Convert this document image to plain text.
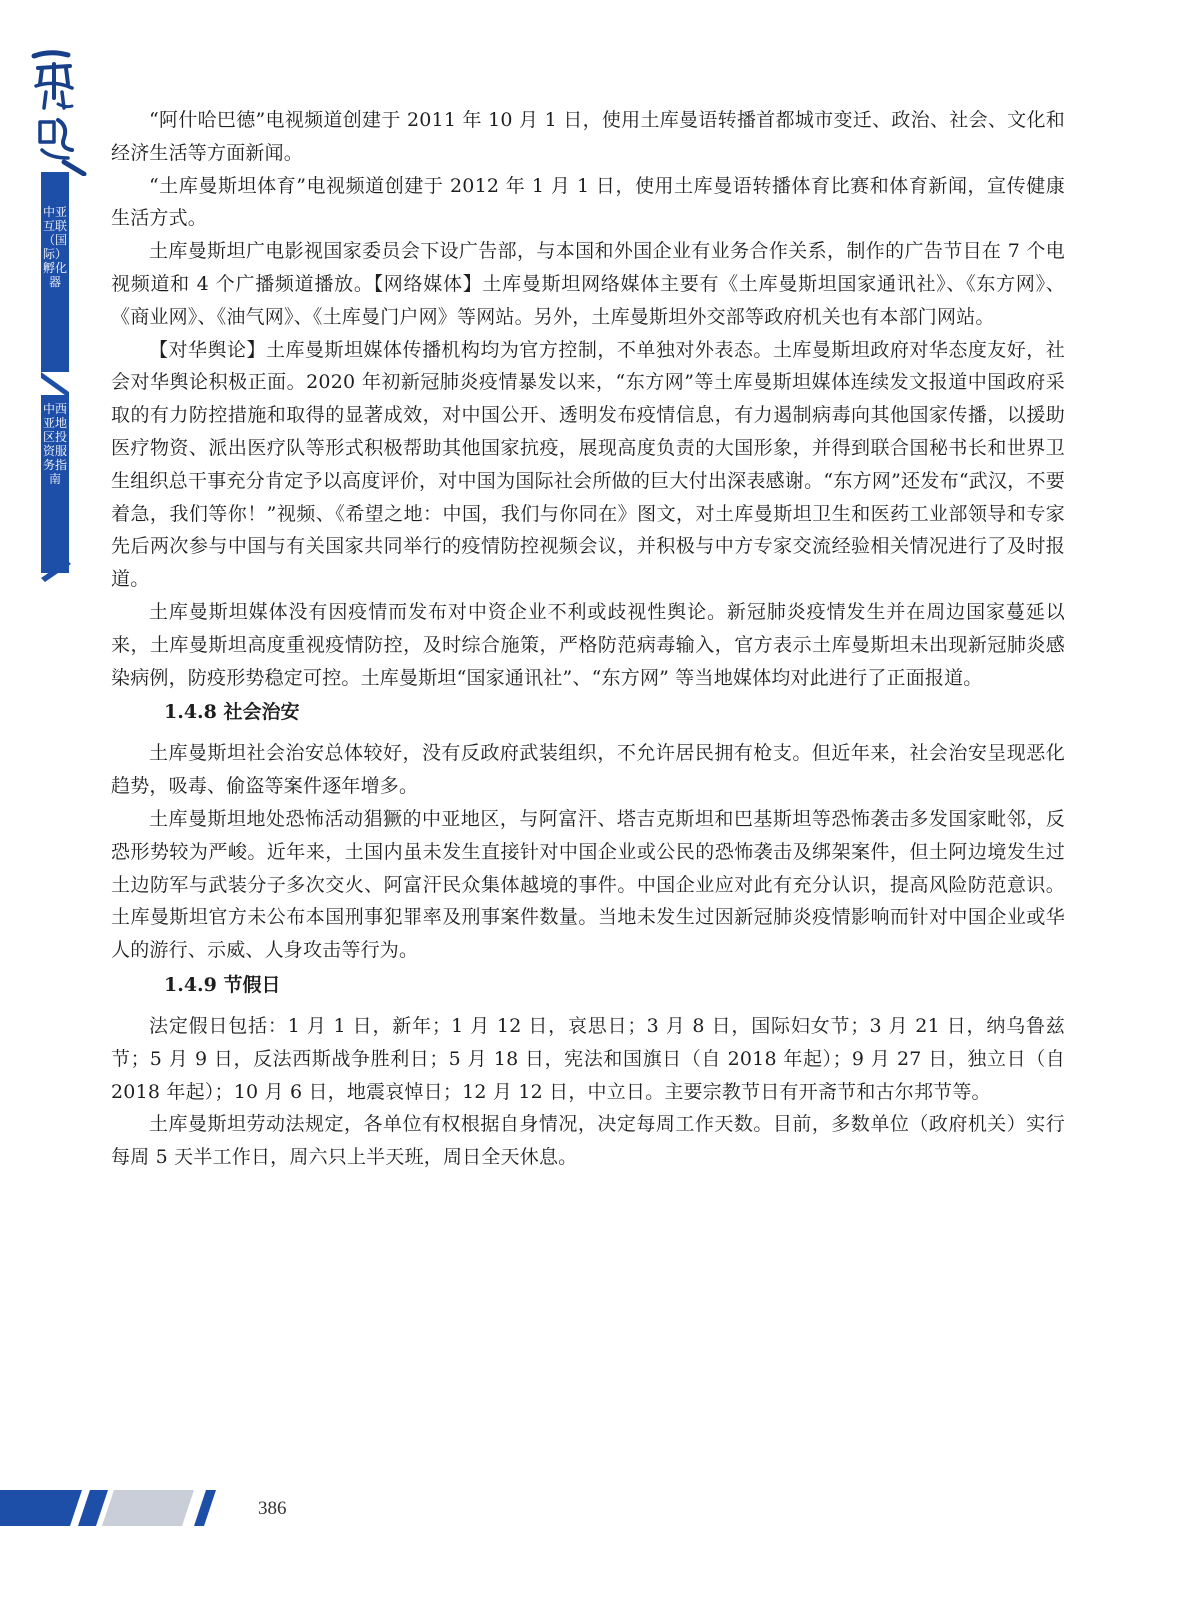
中亚互联（国际）孵化器
中西亚地区投资服务指南

“阿什哈巴德”电视频道创建于 2011 年 10 月 1 日，使用土库曼语转播首都城市变迁、政治、社会、文化和经济生活等方面新闻。

“土库曼斯坦体育”电视频道创建于 2012 年 1 月 1 日，使用土库曼语转播体育比赛和体育新闻，宣传健康生活方式。

土库曼斯坦广电影视国家委员会下设广告部，与本国和外国企业有业务合作关系，制作的广告节目在 7 个电视频道和 4 个广播频道播放。【网络媒体】土库曼斯坦网络媒体主要有《土库曼斯坦国家通讯社》、《东方网》、《商业网》、《油气网》、《土库曼门户网》等网站。另外，土库曼斯坦外交部等政府机关也有本部门网站。

【对华舆论】土库曼斯坦媒体传播机构均为官方控制，不单独对外表态。土库曼斯坦政府对华态度友好，社会对华舆论积极正面。2020 年初新冠肺炎疫情暴发以来，“东方网”等土库曼斯坦媒体连续发文报道中国政府采取的有力防控措施和取得的显著成效，对中国公开、透明发布疫情信息，有力遏制病毒向其他国家传播，以援助医疗物资、派出医疗队等形式积极帮助其他国家抗疫，展现高度负责的大国形象，并得到联合国秘书长和世界卫生组织总干事充分肯定予以高度评价，对中国为国际社会所做的巨大付出深表感谢。“东方网”还发布“武汉，不要着急，我们等你！”视频、《希望之地：中国，我们与你同在》图文，对土库曼斯坦卫生和医药工业部领导和专家先后两次参与中国与有关国家共同举行的疫情防控视频会议，并积极与中方专家交流经验相关情况进行了及时报道。

土库曼斯坦媒体没有因疫情而发布对中资企业不利或歧视性舆论。新冠肺炎疫情发生并在周边国家蔓延以来，土库曼斯坦高度重视疫情防控，及时综合施策，严格防范病毒输入，官方表示土库曼斯坦未出现新冠肺炎感染病例，防疫形势稳定可控。土库曼斯坦“国家通讯社”、“东方网” 等当地媒体均对此进行了正面报道。

1.4.8 社会治安

土库曼斯坦社会治安总体较好，没有反政府武装组织，不允许居民拥有枪支。但近年来，社会治安呈现恶化趋势，吸毒、偷盗等案件逐年增多。

土库曼斯坦地处恐怖活动猖獗的中亚地区，与阿富汗、塔吉克斯坦和巴基斯坦等恐怖袭击多发国家毗邻，反恐形势较为严峻。近年来，土国内虽未发生直接针对中国企业或公民的恐怖袭击及绑架案件，但土阿边境发生过土边防军与武装分子多次交火、阿富汗民众集体越境的事件。中国企业应对此有充分认识，提高风险防范意识。土库曼斯坦官方未公布本国刑事犯罪率及刑事案件数量。当地未发生过因新冠肺炎疫情影响而针对中国企业或华人的游行、示威、人身攻击等行为。

1.4.9 节假日

法定假日包括：1 月 1 日，新年；1 月 12 日，哀思日；3 月 8 日，国际妇女节；3 月 21 日，纳乌鲁兹节；5 月 9 日，反法西斯战争胜利日；5 月 18 日，宪法和国旗日（自 2018 年起）；9 月 27 日，独立日（自 2018 年起）；10 月 6 日，地震哀悼日；12 月 12 日，中立日。主要宗教节日有开斋节和古尔邦节等。

土库曼斯坦劳动法规定，各单位有权根据自身情况，决定每周工作天数。目前，多数单位（政府机关）实行每周 5 天半工作日，周六只上半天班，周日全天休息。

386
